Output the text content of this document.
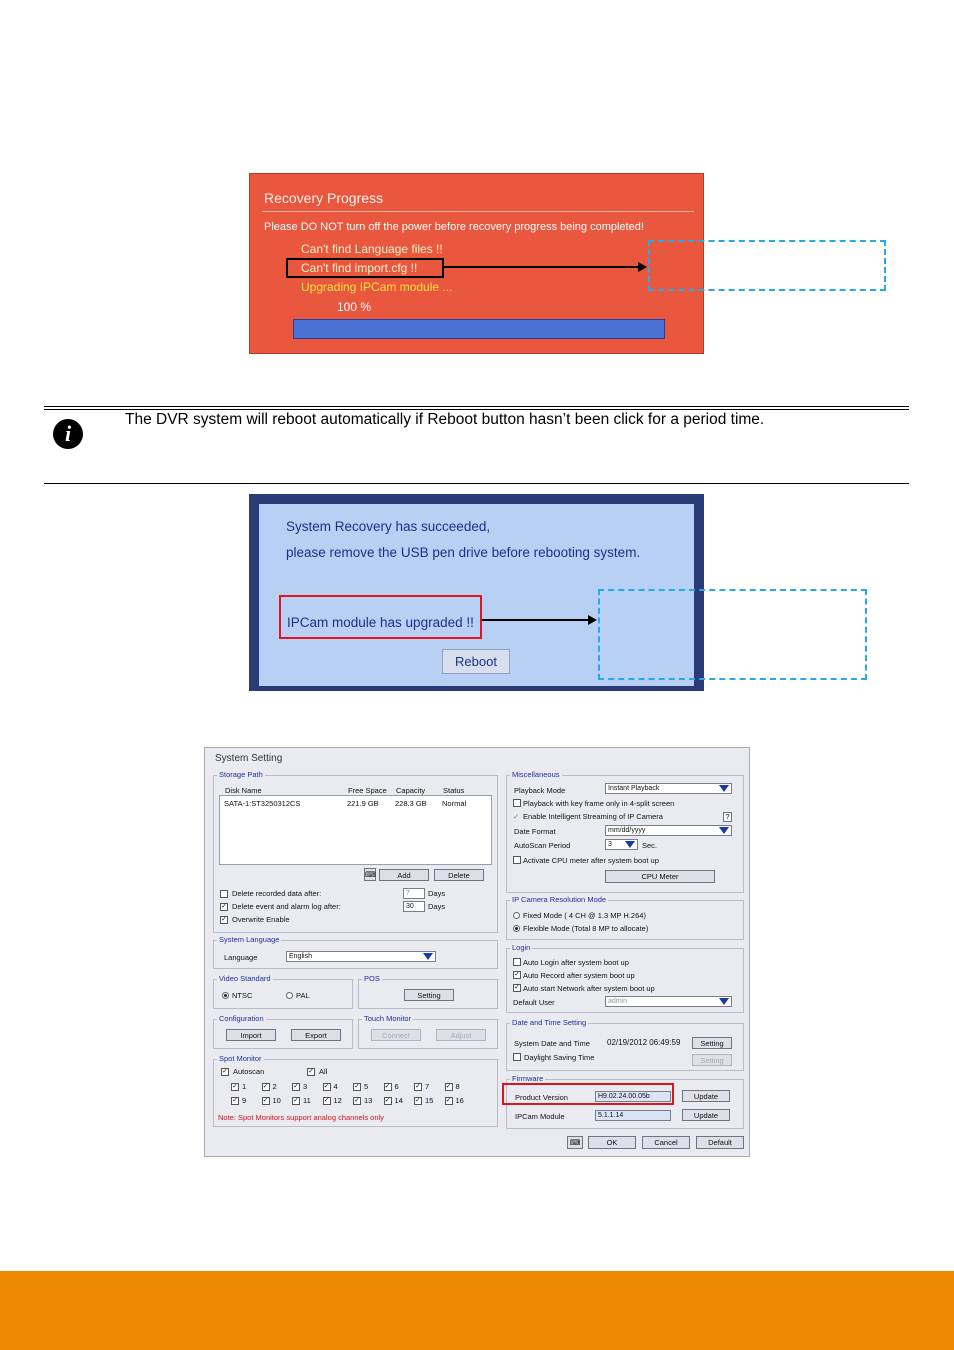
Recovery Progress
Please DO NOT turn off the power before recovery progress being completed!
Can't find Language files !!
Can't find import.cfg !!
Upgrading IPCam module ...
100 %
i
The DVR system will reboot automatically if Reboot button hasn’t been click for a period time.
System Recovery has succeeded,
please remove the USB pen drive before rebooting system.
IPCam module has upgraded !!
Reboot
System Setting
Storage Path
Disk Name	Free Space Capacity Status
SATA-1:ST3250312CS	221.9 GB 228.3 GB Normal
⌨	Add	Delete
Delete recorded data after:	7	Days
✓ Delete event and alarm log after:	30	Days
✓ Overwrite Enable
System Language
Language	English
Video Standard
NTSC	PAL
POS
Setting
Configuration
Import	Export
Touch Monitor
Connect	Adjust
Spot Monitor
✓ Autoscan	✓ All
✓ 1 ✓ 2 ✓ 3 ✓ 4 ✓ 5 ✓ 6 ✓ 7 ✓ 8
✓ 9 ✓ 10 ✓ 11 ✓ 12 ✓ 13 ✓ 14 ✓ 15 ✓ 16
Note: Spot Monitors support analog channels only
Miscellaneous
Playback Mode	Instant Playback
Playback with key frame only in 4-split screen
✓ Enable Intelligent Streaming of IP Camera	?
Date Format	mm/dd/yyyy
AutoScan Period	3	Sec.
Activate CPU meter after system boot up
CPU Meter
IP Camera Resolution Mode
Fixed Mode ( 4 CH @ 1.3 MP H.264)
Flexible Mode (Total 8 MP to allocate)
Login
Auto Login after system boot up
✓ Auto Record after system boot up
✓ Auto start Network after system boot up
Default User	admin
Date and Time Setting
System Date and Time 02/19/2012 06:49:59	Setting
Daylight Saving Time	Setting
Firmware
Product Version	H9.02.24.00.05b	Update
IPCam Module	5.1.1.14	Update
⌨	OK	Cancel	Default
